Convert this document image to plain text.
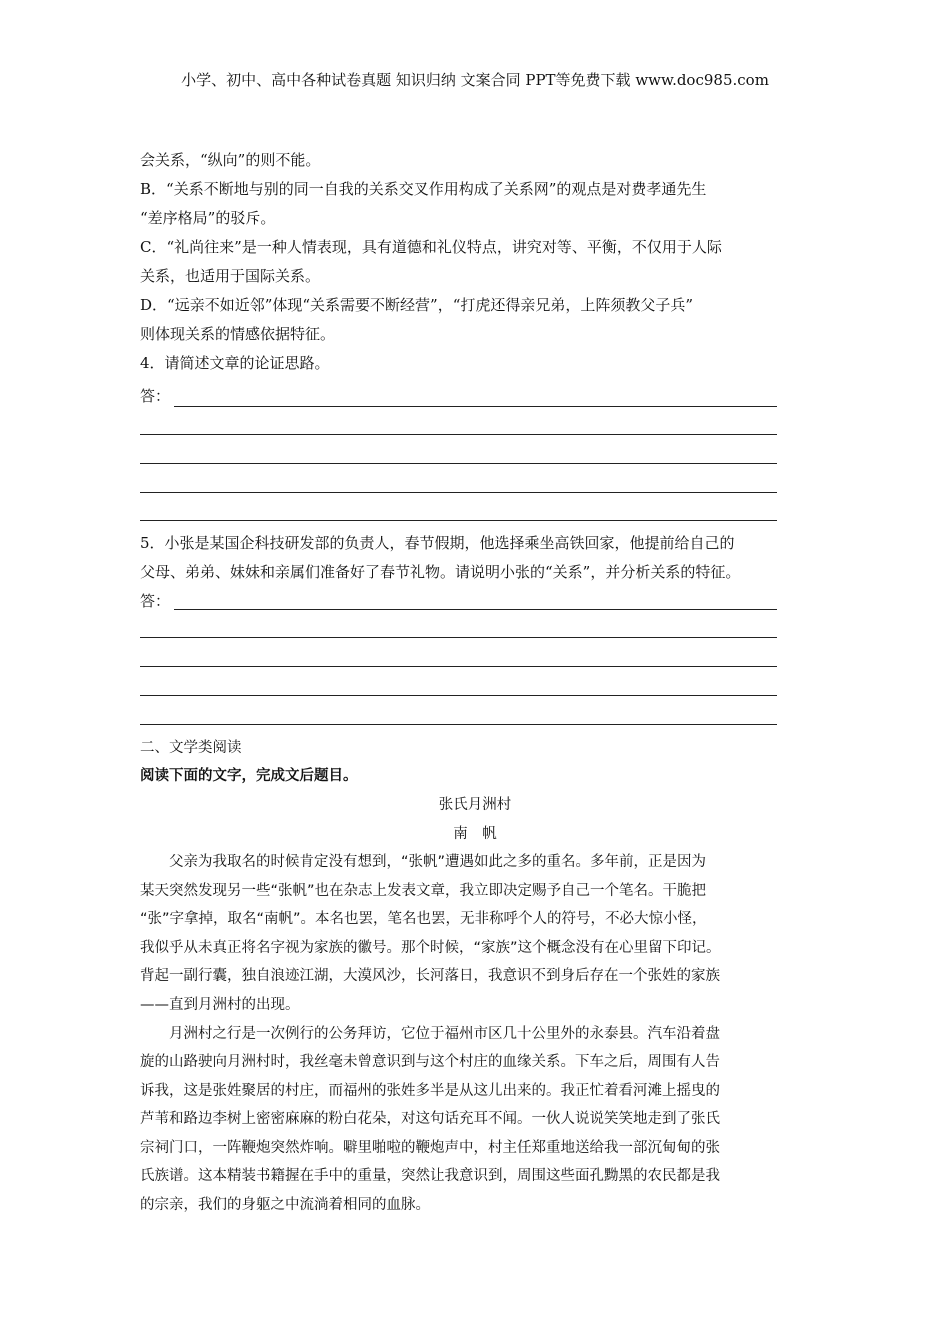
小学、初中、高中各种试卷真题 知识归纳 文案合同 PPT等免费下载 www.doc985.com
会关系，“纵向”的则不能。
B．“关系不断地与别的同一自我的关系交叉作用构成了关系网”的观点是对费孝通先生
“差序格局”的驳斥。
C．“礼尚往来”是一种人情表现，具有道德和礼仪特点，讲究对等、平衡，不仅用于人际
关系，也适用于国际关系。
D．“远亲不如近邻”体现“关系需要不断经营”，“打虎还得亲兄弟，上阵须教父子兵”
则体现关系的情感依据特征。
4．请简述文章的论证思路。
答：
5．小张是某国企科技研发部的负责人，春节假期，他选择乘坐高铁回家，他提前给自己的
父母、弟弟、妹妹和亲属们准备好了春节礼物。请说明小张的“关系”，并分析关系的特征。
答：
二、文学类阅读
阅读下面的文字，完成文后题目。
张氏月洲村
南　帆
　　父亲为我取名的时候肯定没有想到，“张帆”遭遇如此之多的重名。多年前，正是因为
某天突然发现另一些“张帆”也在杂志上发表文章，我立即决定赐予自己一个笔名。干脆把
“张”字拿掉，取名“南帆”。本名也罢，笔名也罢，无非称呼个人的符号，不必大惊小怪，
我似乎从未真正将名字视为家族的徽号。那个时候，“家族”这个概念没有在心里留下印记。
背起一副行囊，独自浪迹江湖，大漠风沙，长河落日，我意识不到身后存在一个张姓的家族
——直到月洲村的出现。
　　月洲村之行是一次例行的公务拜访，它位于福州市区几十公里外的永泰县。汽车沿着盘
旋的山路驶向月洲村时，我丝毫未曾意识到与这个村庄的血缘关系。下车之后，周围有人告
诉我，这是张姓聚居的村庄，而福州的张姓多半是从这儿出来的。我正忙着看河滩上摇曳的
芦苇和路边李树上密密麻麻的粉白花朵，对这句话充耳不闻。一伙人说说笑笑地走到了张氏
宗祠门口，一阵鞭炮突然炸响。噼里啪啦的鞭炮声中，村主任郑重地送给我一部沉甸甸的张
氏族谱。这本精装书籍握在手中的重量，突然让我意识到，周围这些面孔黝黑的农民都是我
的宗亲，我们的身躯之中流淌着相同的血脉。
